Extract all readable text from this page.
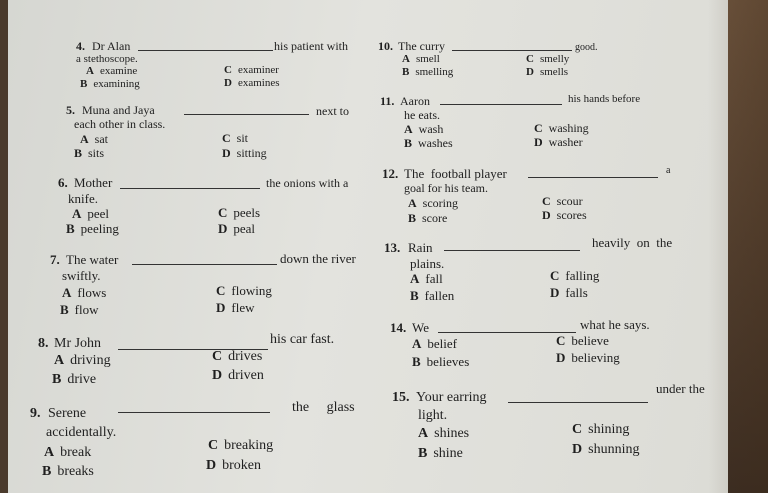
4. Dr Alan	his patient with
a stethoscope.
A examine
B examining
C examiner
D examines
5. Muna and Jaya	next to
each other in class.
A sat
B sits
C sit
D sitting
6. Mother	the onions with a
knife.
A peel
B peeling
C peels
D peal
7. The water	down the river
swiftly.
A flows
B flow
C flowing
D flew
8. Mr John	his car fast.
A driving
B drive
C drives
D driven
9. Serene	the     glass
accidentally.
A break
B breaks
C breaking
D broken
10. The curry	good.
A smell
B smelling
C smelly
D smells
11. Aaron	his hands before
he eats.
A wash
B washes
C washing
D washer
12. The  football player	a
goal for his team.
A scoring
B score
C scour
D scores
13. Rain	heavily  on  the
plains.
A fall
B fallen
C falling
D falls
14. We	what he says.
A belief
B believes
C believe
D believing
15. Your earring
under the
light.
A shines
B shine
C shining
D shunning
